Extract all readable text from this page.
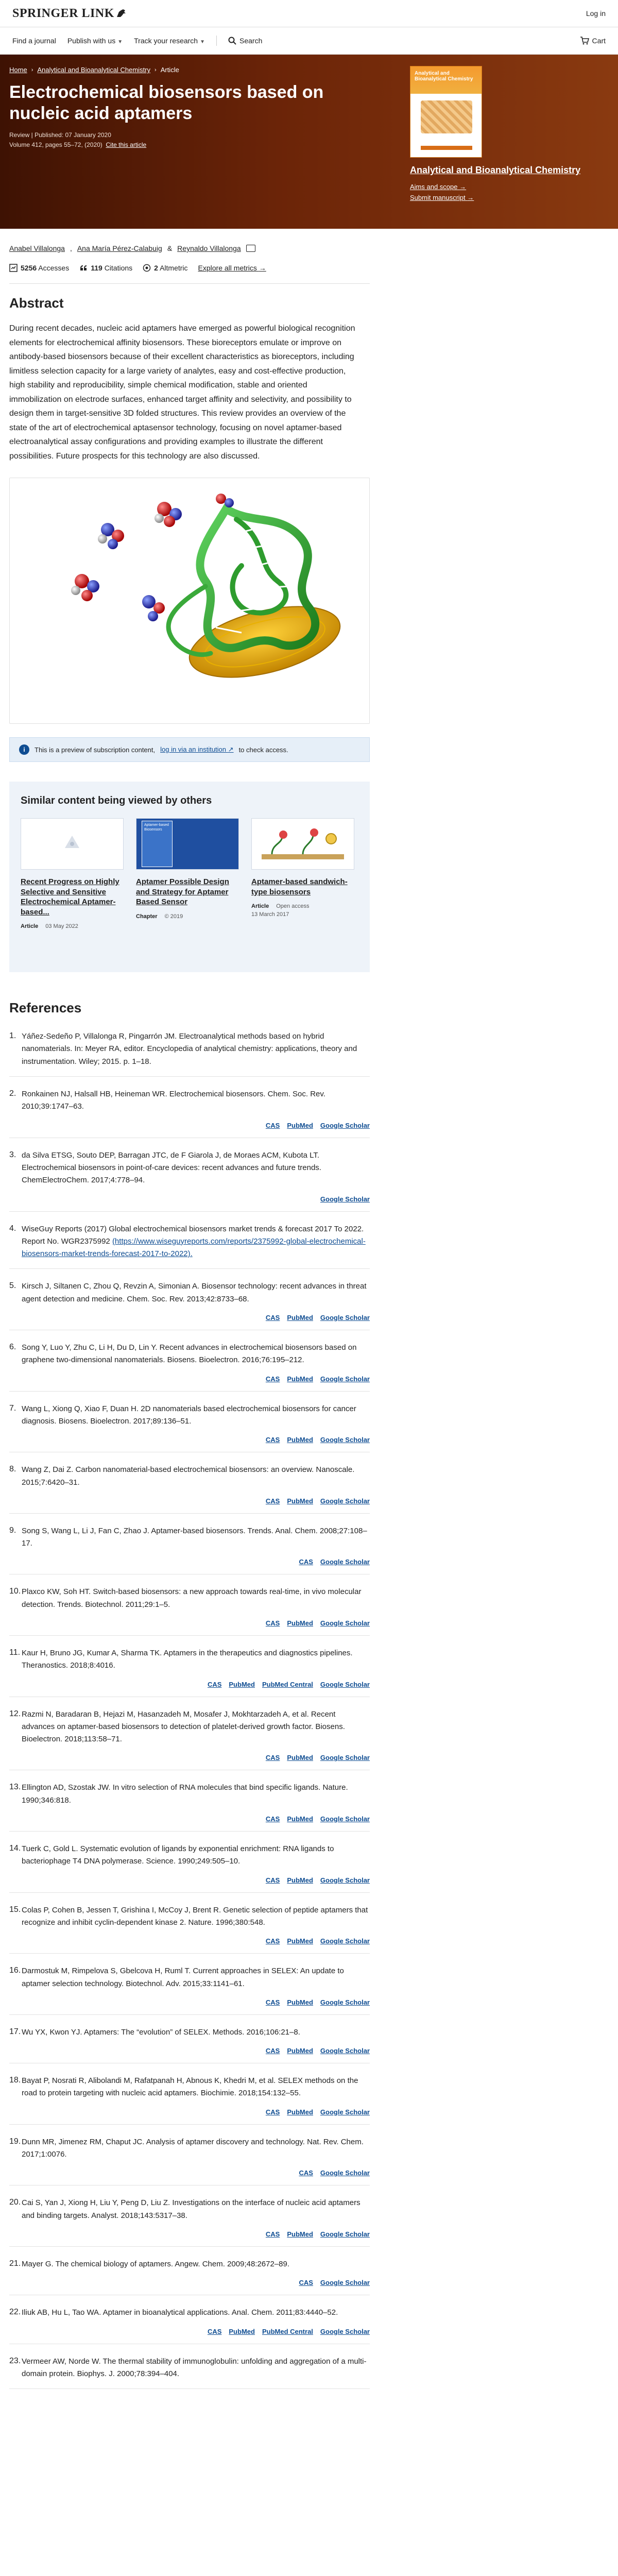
SPRINGER LINK	Log in
Find a journal Publish with us ▼ Track your research ▼	Search	Cart
Home › Analytical and Bioanalytical Chemistry › Article
Electrochemical biosensors based on nucleic acid aptamers
Review | Published: 07 January 2020
Volume 412, pages 55–72, (2020) Cite this article
Analytical and Bioanalytical Chemistry
Analytical and Bioanalytical Chemistry
Aims and scope →
Submit manuscript →
Anabel Villalonga , Ana María Pérez-Calabuig & Reynaldo Villalonga
5256 Accesses	119 Citations	2 Altmetric Explore all metrics →
Abstract

During recent decades, nucleic acid aptamers have emerged as powerful biological recognition elements for electrochemical affinity biosensors. These bioreceptors emulate or improve on antibody-based biosensors because of their excellent characteristics as bioreceptors, including limitless selection capacity for a large variety of analytes, easy and cost-effective production, high stability and reproducibility, simple chemical modification, stable and oriented immobilization on electrode surfaces, enhanced target affinity and selectivity, and possibility to design them in target-sensitive 3D folded structures. This review provides an overview of the state of the art of electrochemical aptasensor technology, focusing on novel aptamer-based electroanalytical assay configurations and providing examples to illustrate the different possibilities. Future prospects for this technology are also discussed.

i	This is a preview of subscription content, log in via an institution ↗ to check access.
Similar content being viewed by others
Recent Progress on Highly Selective and Sensitive Electrochemical Aptamer-based...
Article 03 May 2022
Aptamer-based Biosensors
Aptamer Possible Design and Strategy for Aptamer Based Sensor
Chapter © 2019
Aptamer-based sandwich-type biosensors
Article Open access
13 March 2017
References
1. Yáñez-Sedeño P, Villalonga R, Pingarrón JM. Electroanalytical methods based on hybrid nanomaterials. In: Meyer RA, editor. Encyclopedia of analytical chemistry: applications, theory and instrumentation. Wiley; 2015. p. 1–18.
2. Ronkainen NJ, Halsall HB, Heineman WR. Electrochemical biosensors. Chem. Soc. Rev. 2010;39:1747–63.
CAS PubMed Google Scholar
3. da Silva ETSG, Souto DEP, Barragan JTC, de F Giarola J, de Moraes ACM, Kubota LT. Electrochemical biosensors in point-of-care devices: recent advances and future trends. ChemElectroChem. 2017;4:778–94.
Google Scholar
4. WiseGuy Reports (2017) Global electrochemical biosensors market trends & forecast 2017 To 2022. Report No. WGR2375992 (https://www.wiseguyreports.com/reports/2375992-global-electrochemical-biosensors-market-trends-forecast-2017-to-2022).
5. Kirsch J, Siltanen C, Zhou Q, Revzin A, Simonian A. Biosensor technology: recent advances in threat agent detection and medicine. Chem. Soc. Rev. 2013;42:8733–68.
CAS PubMed Google Scholar
6. Song Y, Luo Y, Zhu C, Li H, Du D, Lin Y. Recent advances in electrochemical biosensors based on graphene two-dimensional nanomaterials. Biosens. Bioelectron. 2016;76:195–212.
CAS PubMed Google Scholar
7. Wang L, Xiong Q, Xiao F, Duan H. 2D nanomaterials based electrochemical biosensors for cancer diagnosis. Biosens. Bioelectron. 2017;89:136–51.
CAS PubMed Google Scholar
8. Wang Z, Dai Z. Carbon nanomaterial-based electrochemical biosensors: an overview. Nanoscale. 2015;7:6420–31.
CAS PubMed Google Scholar
9. Song S, Wang L, Li J, Fan C, Zhao J. Aptamer-based biosensors. Trends. Anal. Chem. 2008;27:108–17.
CAS Google Scholar
10. Plaxco KW, Soh HT. Switch-based biosensors: a new approach towards real-time, in vivo molecular detection. Trends. Biotechnol. 2011;29:1–5.
CAS PubMed Google Scholar
11. Kaur H, Bruno JG, Kumar A, Sharma TK. Aptamers in the therapeutics and diagnostics pipelines. Theranostics. 2018;8:4016.
CAS PubMed PubMed Central Google Scholar
12. Razmi N, Baradaran B, Hejazi M, Hasanzadeh M, Mosafer J, Mokhtarzadeh A, et al. Recent advances on aptamer-based biosensors to detection of platelet-derived growth factor. Biosens. Bioelectron. 2018;113:58–71.
CAS PubMed Google Scholar
13. Ellington AD, Szostak JW. In vitro selection of RNA molecules that bind specific ligands. Nature. 1990;346:818.
CAS PubMed Google Scholar
14. Tuerk C, Gold L. Systematic evolution of ligands by exponential enrichment: RNA ligands to bacteriophage T4 DNA polymerase. Science. 1990;249:505–10.
CAS PubMed Google Scholar
15. Colas P, Cohen B, Jessen T, Grishina I, McCoy J, Brent R. Genetic selection of peptide aptamers that recognize and inhibit cyclin-dependent kinase 2. Nature. 1996;380:548.
CAS PubMed Google Scholar
16. Darmostuk M, Rimpelova S, Gbelcova H, Ruml T. Current approaches in SELEX: An update to aptamer selection technology. Biotechnol. Adv. 2015;33:1141–61.
CAS PubMed Google Scholar
17. Wu YX, Kwon YJ. Aptamers: The “evolution” of SELEX. Methods. 2016;106:21–8.
CAS PubMed Google Scholar
18. Bayat P, Nosrati R, Alibolandi M, Rafatpanah H, Abnous K, Khedri M, et al. SELEX methods on the road to protein targeting with nucleic acid aptamers. Biochimie. 2018;154:132–55.
CAS PubMed Google Scholar
19. Dunn MR, Jimenez RM, Chaput JC. Analysis of aptamer discovery and technology. Nat. Rev. Chem. 2017;1:0076.
CAS Google Scholar
20. Cai S, Yan J, Xiong H, Liu Y, Peng D, Liu Z. Investigations on the interface of nucleic acid aptamers and binding targets. Analyst. 2018;143:5317–38.
CAS PubMed Google Scholar
21. Mayer G. The chemical biology of aptamers. Angew. Chem. 2009;48:2672–89.
CAS Google Scholar
22. Iliuk AB, Hu L, Tao WA. Aptamer in bioanalytical applications. Anal. Chem. 2011;83:4440–52.
CAS PubMed PubMed Central Google Scholar
23. Vermeer AW, Norde W. The thermal stability of immunoglobulin: unfolding and aggregation of a multi-domain protein. Biophys. J. 2000;78:394–404.
